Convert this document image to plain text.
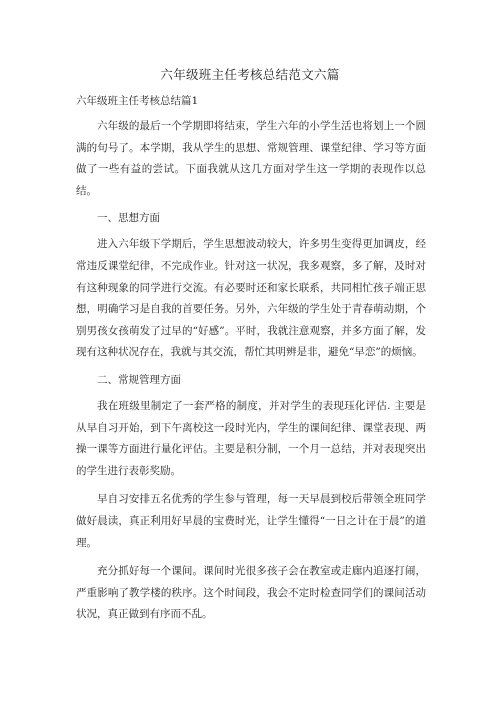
六年级班主任考核总结范文六篇
六年级班主任考核总结篇1

六年级的最后一个学期即将结束，学生六年的小学生活也将划上一个圆满的句号了。本学期，我从学生的思想、常规管理、课堂纪律、学习等方面做了一些有益的尝试。下面我就从这几方面对学生这一学期的表现作以总结。

一、思想方面

进入六年级下学期后，学生思想波动较大，许多男生变得更加调皮，经常违反课堂纪律，不完成作业。针对这一状况，我多观察，多了解，及时对有这种现象的同学进行交流。有必要时还和家长联系，共同相忙孩子端正思想，明确学习是自我的首要任务。另外，六年级的学生处于青春萌动期，个别男孩女孩萌发了过早的“好感”。平时，我就注意观察，并多方面了解，发现有这种状况存在，我就与其交流，帮忙其明辨是非，避免“早恋”的烦恼。

二、常规管理方面

我在班级里制定了一套严格的制度，并对学生的表现珏化评估. 主要是从早自习开始，到下午离校这一段时光内，学生的课间纪律、课堂表现、两操一课等方面进行量化评估。主要是积分制，一个月一总结，并对表现突出的学生进行表彰奖励。

早自习安排五名优秀的学生参与管理，每一天早晨到校后带领全班同学做好晨读，真正利用好早晨的宝费时光，让学生懂得“一日之计在于晨”的道理。

充分抓好每一个课间。课间时光很多孩子会在教室或走廊内追逐打闹，严重影响了教学楼的秩序。这个时间段，我会不定时检查同学们的课间活动状况，真正做到有序而不乱。
